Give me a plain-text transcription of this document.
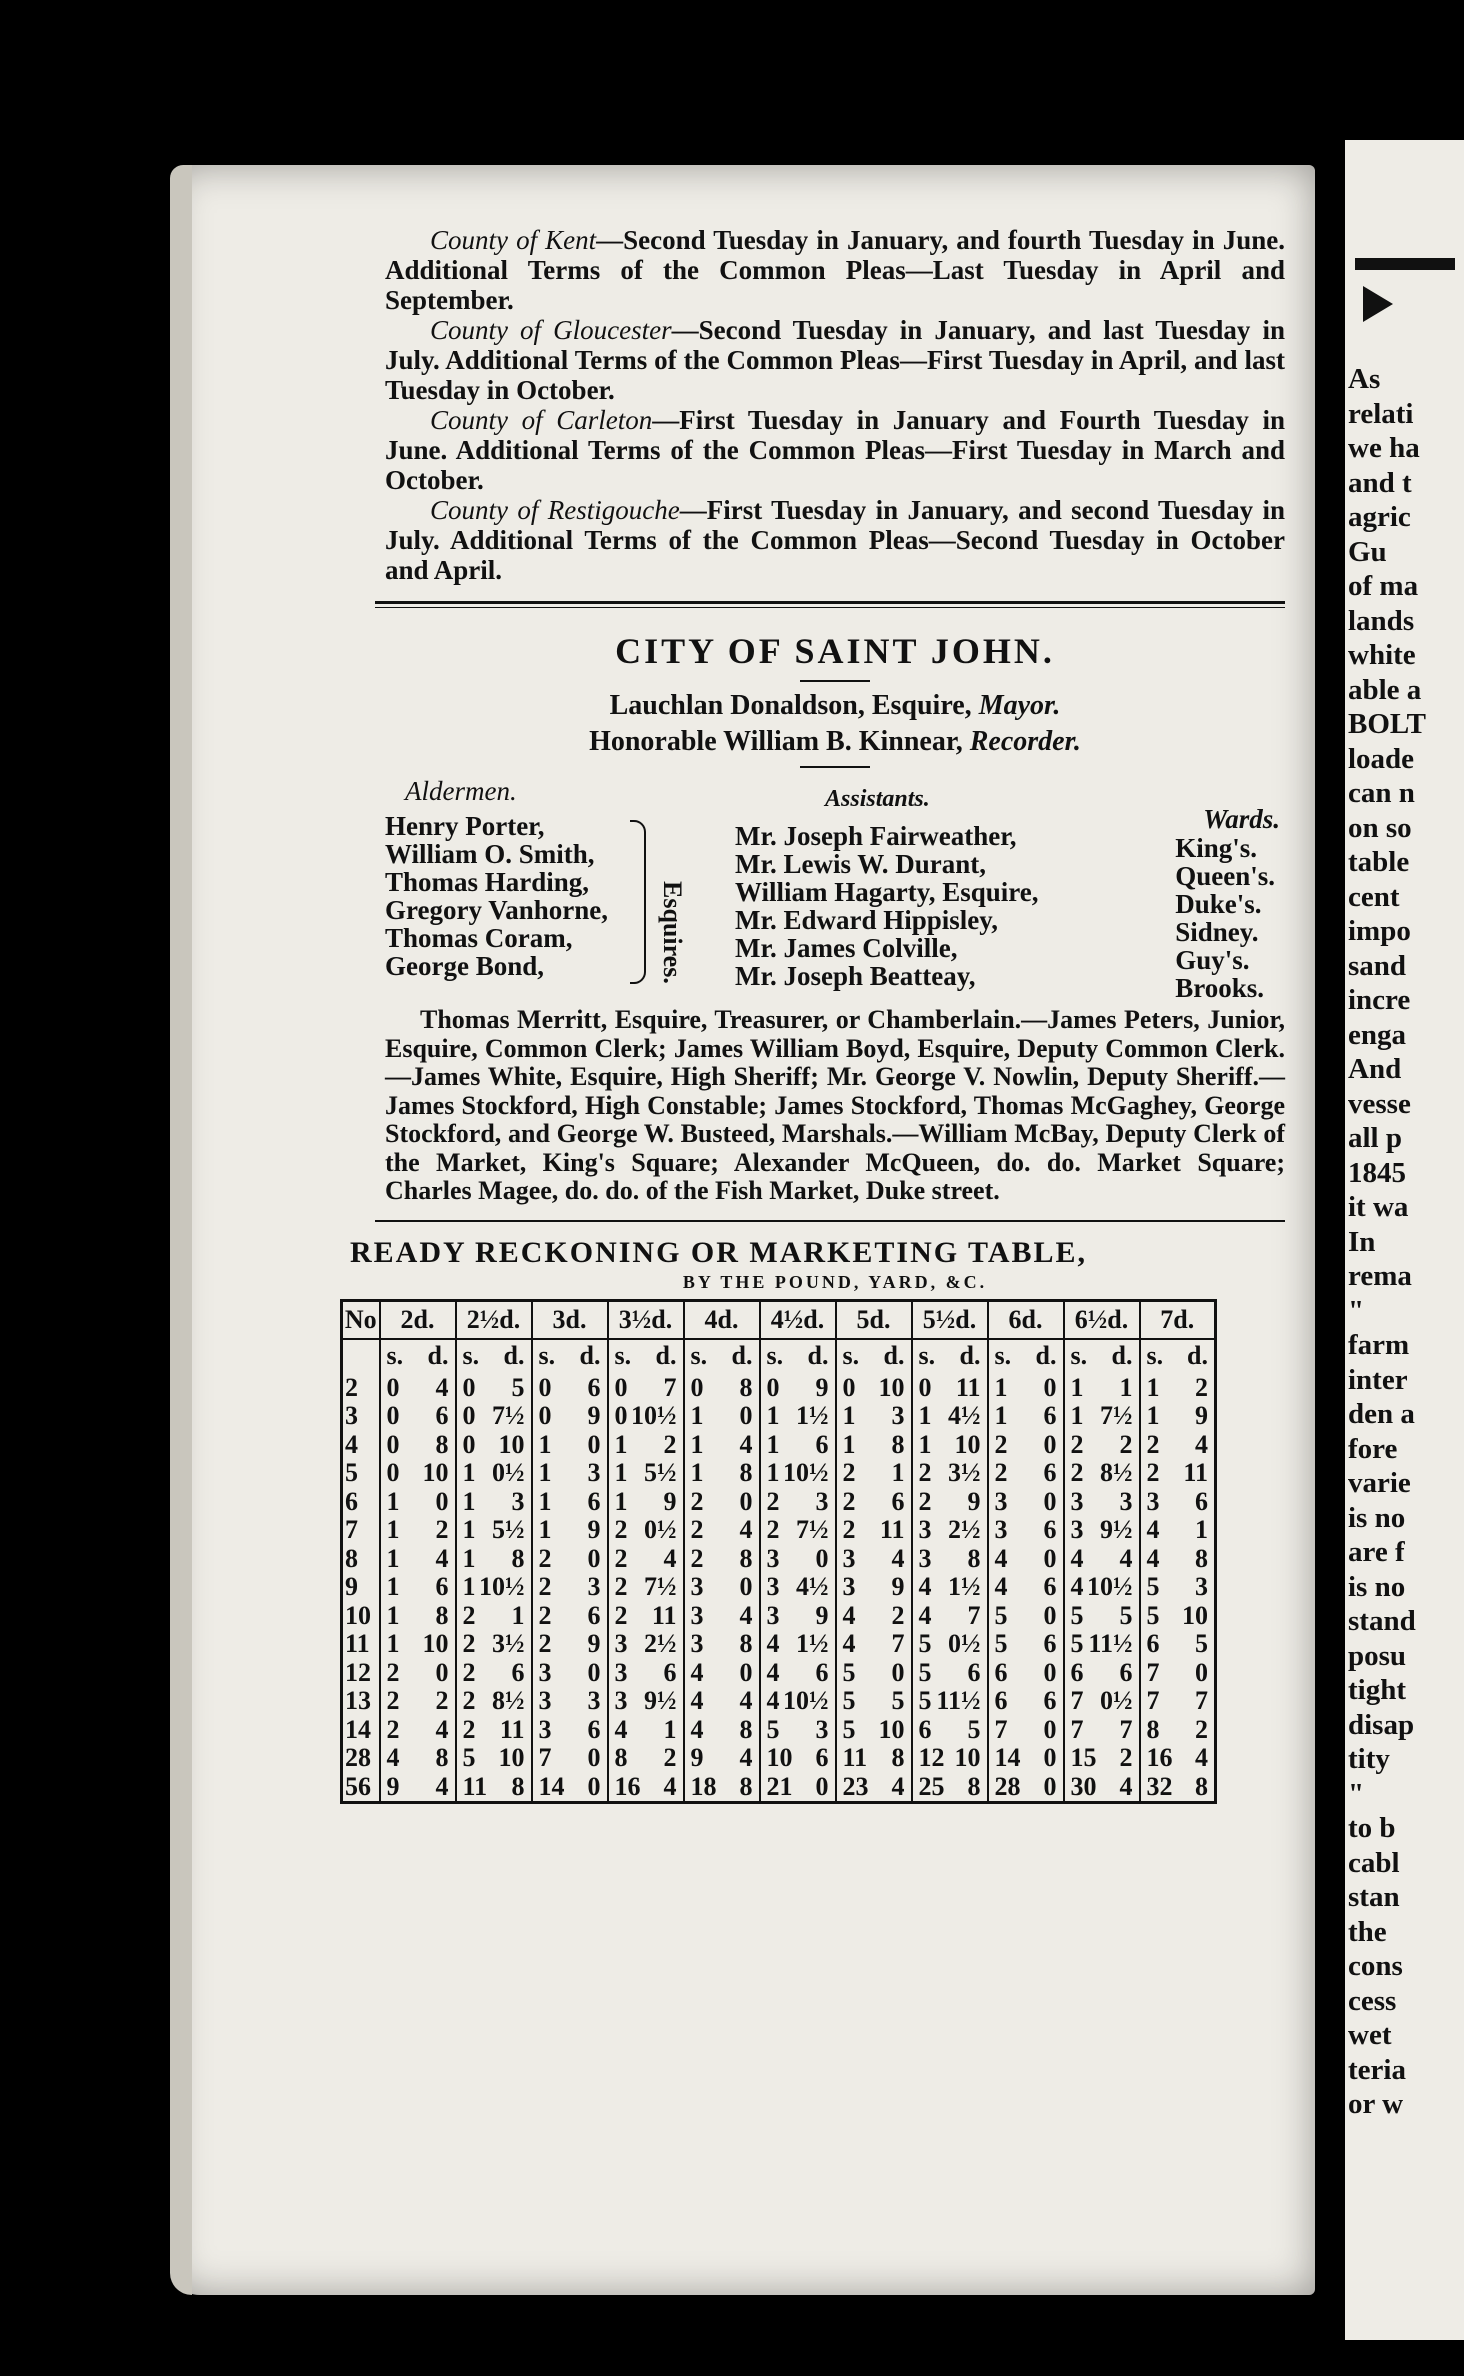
As
relati
we ha
and t
agric
Gu
of ma
lands
white
able a
BOLT
loade
can n
on so
table
cent
impo
sand
incre
enga
And
vesse
all p
1845
it wa
In
rema
"
farm
inter
den a
fore
varie
is no
are f
is no
stand
posu
tight
disap
tity
"
to b
cabl
stan
the
cons
cess
wet
teria
or w

County of Kent—Second Tuesday in January, and fourth Tuesday in June. Additional Terms of the Common Pleas—Last Tuesday in April and September.

County of Gloucester—Second Tuesday in January, and last Tuesday in July. Additional Terms of the Common Pleas—First Tuesday in April, and last Tuesday in October.

County of Carleton—First Tuesday in January and Fourth Tuesday in June. Additional Terms of the Common Pleas—First Tuesday in March and October.

County of Restigouche—First Tuesday in January, and second Tuesday in July. Additional Terms of the Common Pleas—Second Tuesday in October and April.

CITY OF SAINT JOHN.

Lauchlan Donaldson, Esquire, Mayor.

Honorable William B. Kinnear, Recorder.

Aldermen.	Assistants.
Wards.
Henry Porter,
William O. Smith,
Thomas Harding,
Gregory Vanhorne,
Thomas Coram,
George Bond,	Esquires.
Mr. Joseph Fairweather,
Mr. Lewis W. Durant,
William Hagarty, Esquire,
Mr. Edward Hippisley,
Mr. James Colville,
Mr. Joseph Beatteay,
King's.
Queen's.
Duke's.
Sidney.
Guy's.
Brooks.

Thomas Merritt, Esquire, Treasurer, or Chamberlain.—James Peters, Junior, Esquire, Common Clerk; James William Boyd, Esquire, Deputy Common Clerk.—James White, Esquire, High Sheriff; Mr. George V. Nowlin, Deputy Sheriff.—James Stockford, High Constable; James Stockford, Thomas McGaghey, George Stockford, and George W. Busteed, Marshals.—William McBay, Deputy Clerk of the Market, King's Square; Alexander McQueen, do. do. Market Square; Charles Magee, do. do. of the Fish Market, Duke street.

READY RECKONING OR MARKETING TABLE,
BY THE POUND, YARD, &C.
No	2d.	2½d.	3d.	3½d.	4d.	4½d.	5d.	5½d.	6d.	6½d.	7d.

	s. d.	s. d.	s. d.	s. d.	s. d.	s. d.	s. d.	s. d.	s. d.	s. d.	s. d.

2	0 4	0 5	0 6	0 7	0 8	0 9	0 10	0 11	1 0	1 1	1 2

3	0 6	0 7½	0 9	0 10½	1 0	1 1½	1 3	1 4½	1 6	1 7½	1 9

4	0 8	0 10	1 0	1 2	1 4	1 6	1 8	1 10	2 0	2 2	2 4

5	0 10	1 0½	1 3	1 5½	1 8	1 10½	2 1	2 3½	2 6	2 8½	2 11

6	1 0	1 3	1 6	1 9	2 0	2 3	2 6	2 9	3 0	3 3	3 6

7	1 2	1 5½	1 9	2 0½	2 4	2 7½	2 11	3 2½	3 6	3 9½	4 1

8	1 4	1 8	2 0	2 4	2 8	3 0	3 4	3 8	4 0	4 4	4 8

9	1 6	1 10½	2 3	2 7½	3 0	3 4½	3 9	4 1½	4 6	4 10½	5 3

10	1 8	2 1	2 6	2 11	3 4	3 9	4 2	4 7	5 0	5 5	5 10

11	1 10	2 3½	2 9	3 2½	3 8	4 1½	4 7	5 0½	5 6	5 11½	6 5

12	2 0	2 6	3 0	3 6	4 0	4 6	5 0	5 6	6 0	6 6	7 0

13	2 2	2 8½	3 3	3 9½	4 4	4 10½	5 5	5 11½	6 6	7 0½	7 7

14	2 4	2 11	3 6	4 1	4 8	5 3	5 10	6 5	7 0	7 7	8 2

28	4 8	5 10	7 0	8 2	9 4	10 6	11 8	12 10	14 0	15 2	16 4

56	9 4	11 8	14 0	16 4	18 8	21 0	23 4	25 8	28 0	30 4	32 8
